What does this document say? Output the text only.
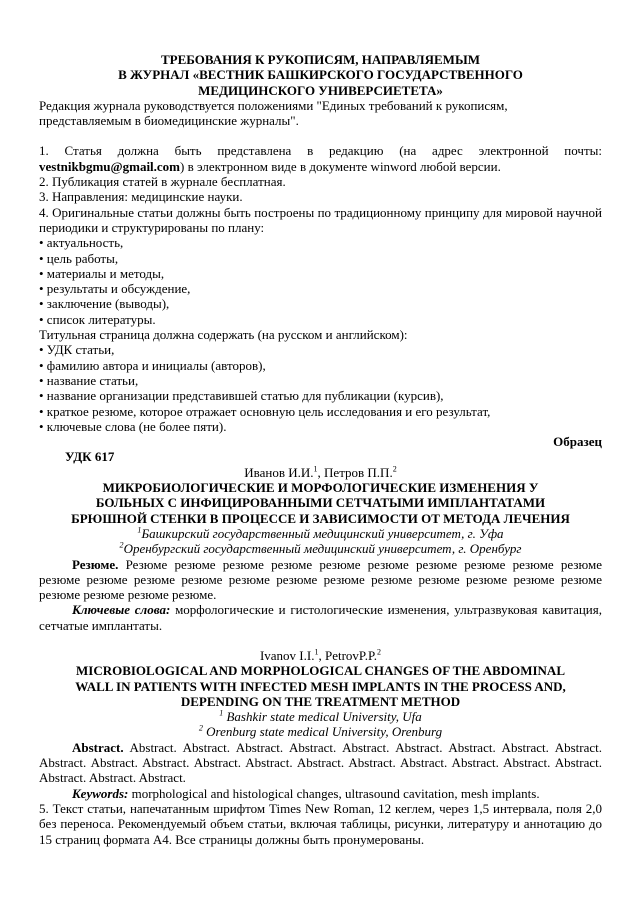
ТРЕБОВАНИЯ К РУКОПИСЯМ, НАПРАВЛЯЕМЫМ
В ЖУРНАЛ «ВЕСТНИК БАШКИРСКОГО ГОСУДАРСТВЕННОГО
МЕДИЦИНСКОГО УНИВЕРСИЕТЕТА»

Редакция журнала руководствуется положениями "Единых требований к рукописям, представляемым в биомедицинские журналы".

1. Статья должна быть представлена в редакцию (на адрес электронной почты: vestnikbgmu@gmail.com) в электронном виде в документе winword любой версии.

2. Публикация статей в журнале бесплатная.

3. Направления: медицинские науки.

4. Оригинальные статьи должны быть построены по традиционному принципу для мировой научной периодики и структурированы по плану:

• актуальность,
• цель работы,
• материалы и методы,
• результаты и обсуждение,
• заключение (выводы),
• список литературы.

Титульная страница должна содержать (на русском и английском):

• УДК статьи,
• фамилию автора и инициалы (авторов),
• название статьи,
• название организации представившей статью для публикации (курсив),
• краткое резюме, которое отражает основную цель исследования и его результат,
• ключевые слова (не более пяти).

Образец

УДК 617

Иванов И.И.$^1$, Петров П.П.$^2$

МИКРОБИОЛОГИЧЕСКИЕ И МОРФОЛОГИЧЕСКИЕ ИЗМЕНЕНИЯ У
БОЛЬНЫХ С ИНФИЦИРОВАННЫМИ СЕТЧАТЫМИ ИМПЛАНТАТАМИ
БРЮШНОЙ СТЕНКИ В ПРОЦЕССЕ И ЗАВИСИМОСТИ ОТ МЕТОДА ЛЕЧЕНИЯ
$^1$Башкирский государственный медицинский университет, г. Уфа
$^2$Оренбургский государственный медицинский университет, г. Оренбург

Резюме. Резюме резюме резюме резюме резюме резюме резюме резюме резюме резюме резюме резюме резюме резюме резюме резюме резюме резюме резюме резюме резюме резюме резюме резюме резюме резюме.

Ключевые слова: морфологические и гистологические изменения, ультразвуковая кавитация, сетчатые имплантаты.

Ivanov I.I.$^1$, PetrovP.P.$^2$

MICROBIOLOGICAL AND MORPHOLOGICAL CHANGES OF THE ABDOMINAL
WALL IN PATIENTS WITH INFECTED MESH IMPLANTS IN THE PROCESS AND,
DEPENDING ON THE TREATMENT METHOD
$^1$ Bashkir state medical University, Ufa
$^2$ Orenburg state medical University, Orenburg

Abstract. Abstract. Abstract. Abstract. Abstract. Abstract. Abstract. Abstract. Abstract. Abstract. Abstract. Abstract. Abstract. Abstract. Abstract. Abstract. Abstract. Abstract. Abstract. Abstract. Abstract. Abstract. Abstract. Abstract.

Keywords: morphological and histological changes, ultrasound cavitation, mesh implants.

5. Текст статьи, напечатанным шрифтом Times New Roman, 12 кеглем, через 1,5 интервала, поля 2,0 без переноса. Рекомендуемый объем статьи, включая таблицы, рисунки, литературу и аннотацию до 15 страниц формата А4. Все страницы должны быть пронумерованы.
